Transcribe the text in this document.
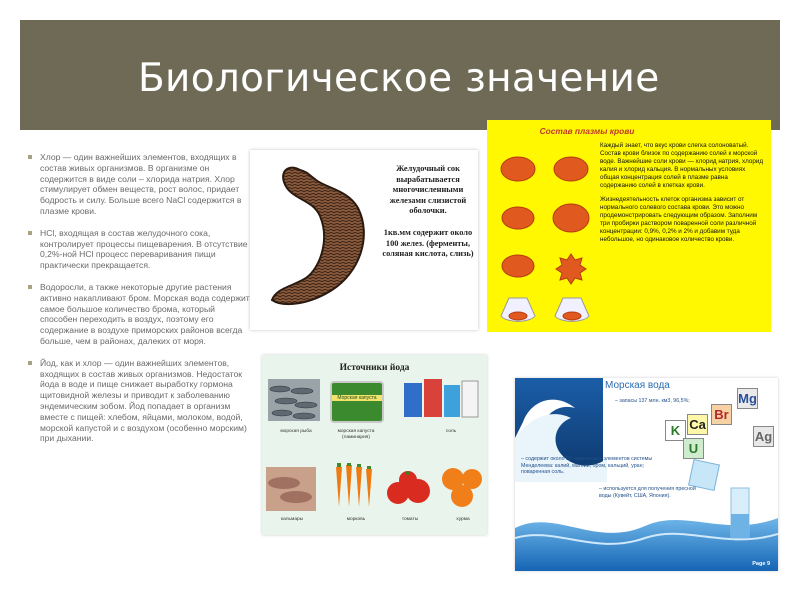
Биологическое значение
Хлор — один важнейших элементов, входящих в состав живых организмов. В организме он содержится в виде соли – хлорида натрия. Хлор стимулирует обмен веществ, рост волос, придает бодрость и силу. Больше всего NaCl содержится в плазме крови.
HCl, входящая в состав желудочного сока, контролирует процессы пищеварения. В отсутствие 0,2%-ной HCl процесс переваривания пищи практически прекращается.
Водоросли, а также некоторые другие растения активно накапливают бром. Морская вода содержит самое большое количество брома, который способен переходить в воздух, поэтому его содержание в воздухе приморских районов всегда больше, чем в районах, далеких от моря.
Йод, как и хлор — один важнейших элементов, входящих в состав живых организмов. Недостаток йода в воде и пище снижает выработку гормона щитовидной железы и приводит к заболеванию эндемическим зобом. Йод попадает в организм вместе с пищей: хлебом, яйцами, молоком, водой, морской капустой и с воздухом (особенно морским) при дыхании.
Желудочный сок вырабатывается многочисленными железами слизистой оболочки.
1кв.мм содержит около 100 желез. (ферменты, соляная кислота, слизь)
Состав плазмы крови

Каждый знает, что вкус крови слегка солоноватый. Состав крови близок по содержанию солей к морской воде. Важнейшие соли крови — хлорид натрия, хлорид калия и хлорид кальция. В нормальных условиях общая концентрация солей в плазме равна содержанию солей в клетках крови.

Жизнедеятельность клеток организма зависит от нормального солевого состава крови. Это можно продемонстрировать следующим образом. Заполним три пробирки раствором поваренной соли различной концентрации: 0,9%, 0,2% и 2% и добавим туда небольшое, но одинаковое количество крови.

Источники йода
Морская капуста
морская рыба	морская капуста (ламинария)
соль
кальмары	морковь	томаты	хурма
Морская вода
– запасы 137 млн. км3, 96,5%;
– содержит около 80 химических элементов системы Менделеева: калий, магний, бром, кальций, уран; поваренная соль.
– используется для получения пресной воды (Кувейт, США, Япония).
K Ca
Br
Mg
U
Ag
Page 9
